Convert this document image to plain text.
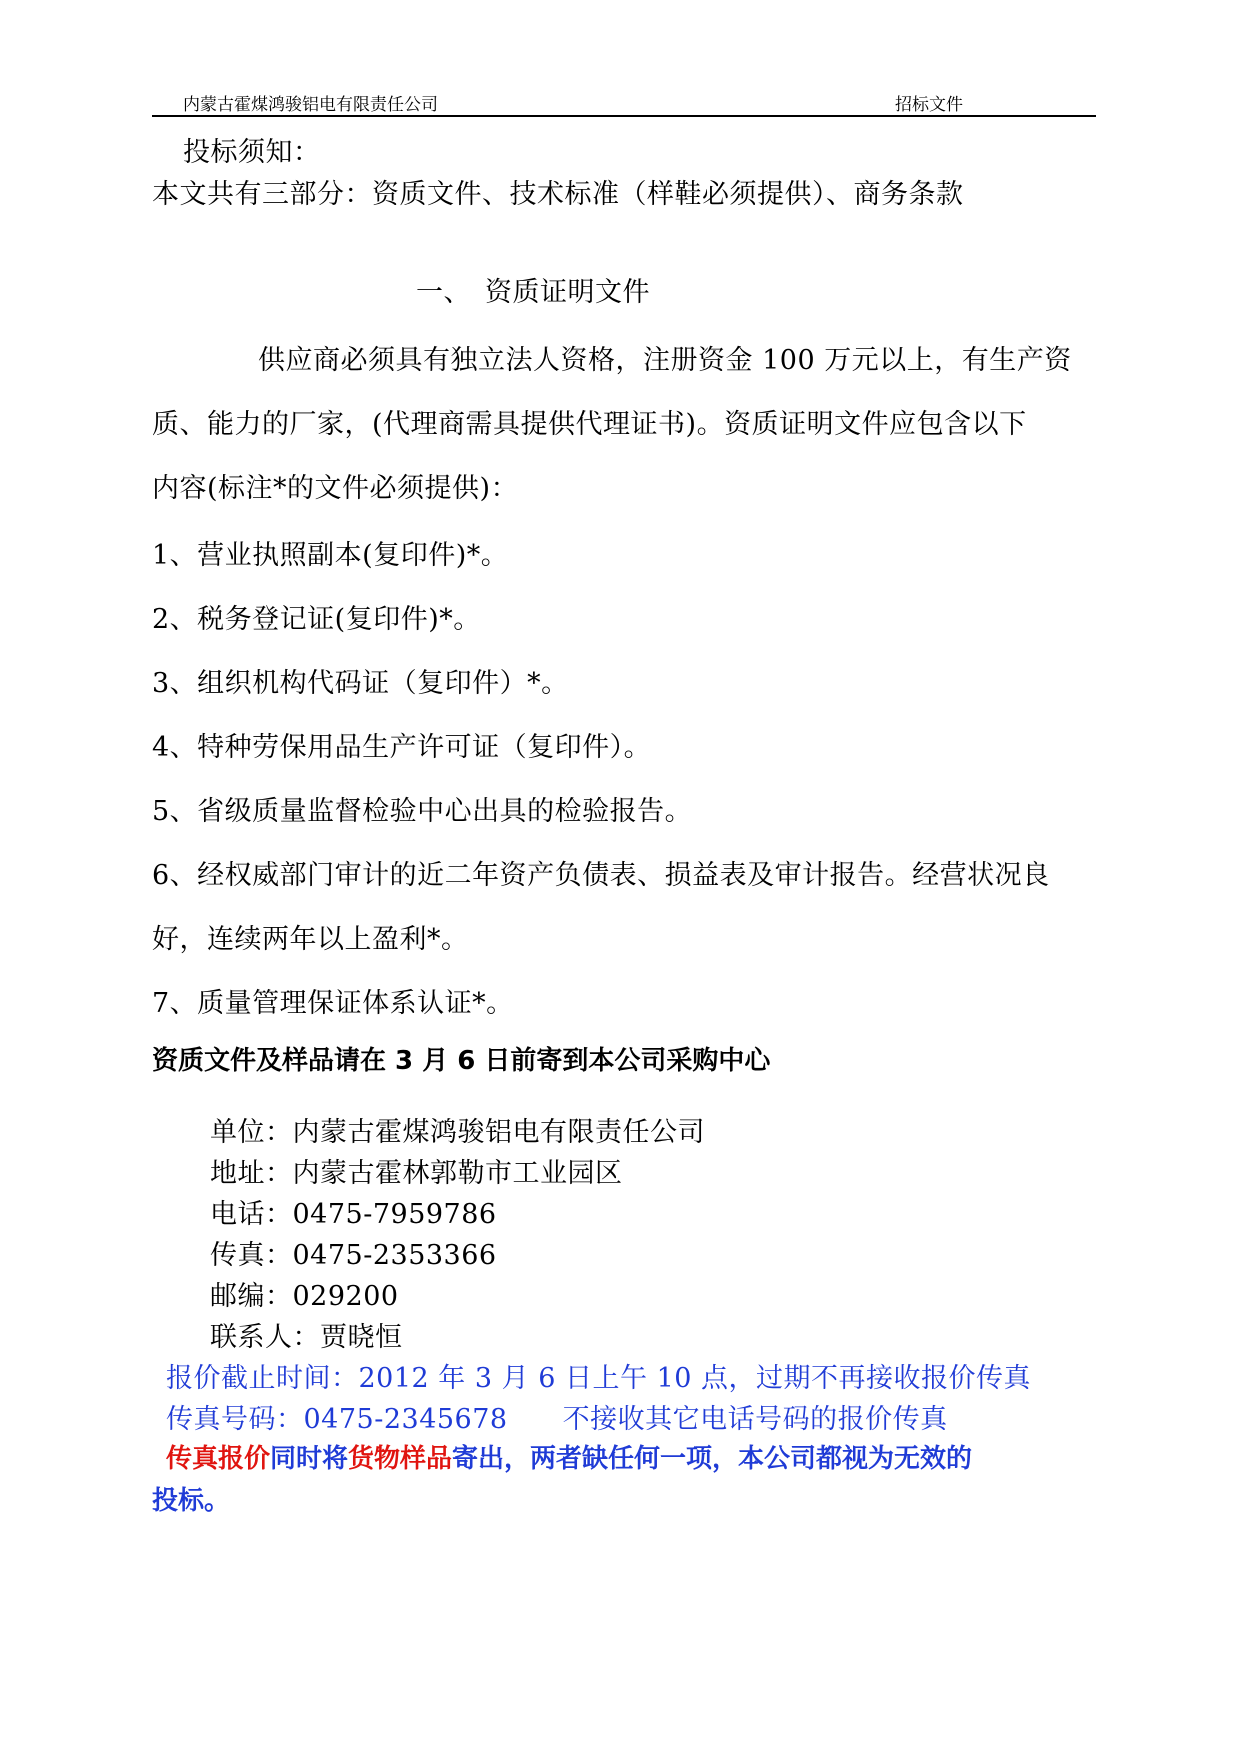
内蒙古霍煤鸿骏铝电有限责任公司	招标文件
投标须知：
本文共有三部分：资质文件、技术标准（样鞋必须提供）、商务条款
一、　资质证明文件
供应商必须具有独立法人资格，注册资金 100 万元以上，有生产资
质、能力的厂家，(代理商需具提供代理证书)。资质证明文件应包含以下
内容(标注*的文件必须提供)：
1、营业执照副本(复印件)*。
2、税务登记证(复印件)*。
3、组织机构代码证（复印件）*。
4、特种劳保用品生产许可证（复印件）。
5、省级质量监督检验中心出具的检验报告。
6、经权威部门审计的近二年资产负债表、损益表及审计报告。经营状况良
好，连续两年以上盈利*。
7、质量管理保证体系认证*。
资质文件及样品请在 3 月 6 日前寄到本公司采购中心
单位：内蒙古霍煤鸿骏铝电有限责任公司
地址：内蒙古霍林郭勒市工业园区
电话：0475-7959786
传真：0475-2353366
邮编：029200
联系人：贾晓恒
报价截止时间：2012 年 3 月 6 日上午 10 点，过期不再接收报价传真
传真号码：0475-2345678　　不接收其它电话号码的报价传真
传真报价同时将货物样品寄出，两者缺任何一项，本公司都视为无效的
投标。
